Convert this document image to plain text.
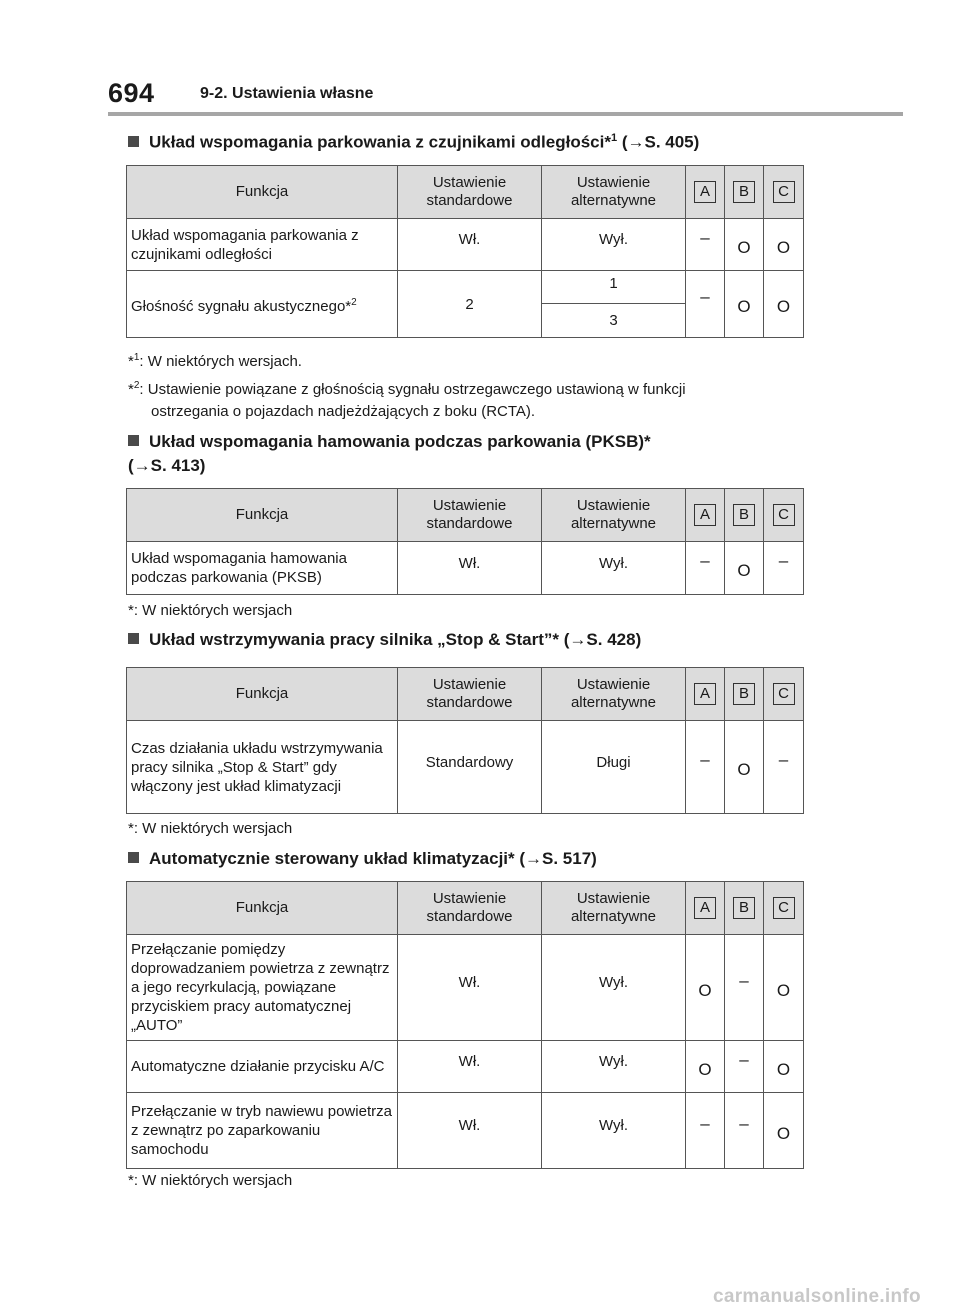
694	9-2. Ustawienia własne
Układ wspomagania parkowania z czujnikami odległości*$^1$ (→S. 405)
Funkcja	Ustawienie standardowe	Ustawienie alternatywne	A	B	C
Układ wspomagania parkowania z czujnikami odległości	Wł.	Wył.	–	O	O
Głośność sygnału akustycznego*$^2$	2	1	–	O	O
		3			
*$^1$: W niektórych wersjach.
*$^2$: Ustawienie powiązane z głośnością sygnału ostrzegawczego ustawioną w funkcji
ostrzegania o pojazdach nadjeżdżających z boku (RCTA).
Układ wspomagania hamowania podczas parkowania (PKSB)*
(→S. 413)
Funkcja	Ustawienie standardowe	Ustawienie alternatywne	A	B	C
Układ wspomagania hamowania podczas parkowania (PKSB)	Wł.	Wył.	–	O	–
*: W niektórych wersjach
Układ wstrzymywania pracy silnika „Stop & Start”* (→S. 428)
Funkcja	Ustawienie standardowe	Ustawienie alternatywne	A	B	C
Czas działania układu wstrzymywania pracy silnika „Stop & Start” gdy włączony jest układ klimatyzacji	Standardowy	Długi	–	O	–
*: W niektórych wersjach
Automatycznie sterowany układ klimatyzacji* (→S. 517)
Funkcja	Ustawienie standardowe	Ustawienie alternatywne	A	B	C
Przełączanie pomiędzy doprowadzaniem powietrza z zewnątrz a jego recyrkulacją, powiązane przyciskiem pracy automatycznej „AUTO”	Wł.	Wył.	O	–	O
Automatyczne działanie przycisku A/C	Wł.	Wył.	O	–	O
Przełączanie w tryb nawiewu powietrza z zewnątrz po zaparkowaniu samochodu	Wł.	Wył.	–	–	O
*: W niektórych wersjach
carmanualsonline.info
